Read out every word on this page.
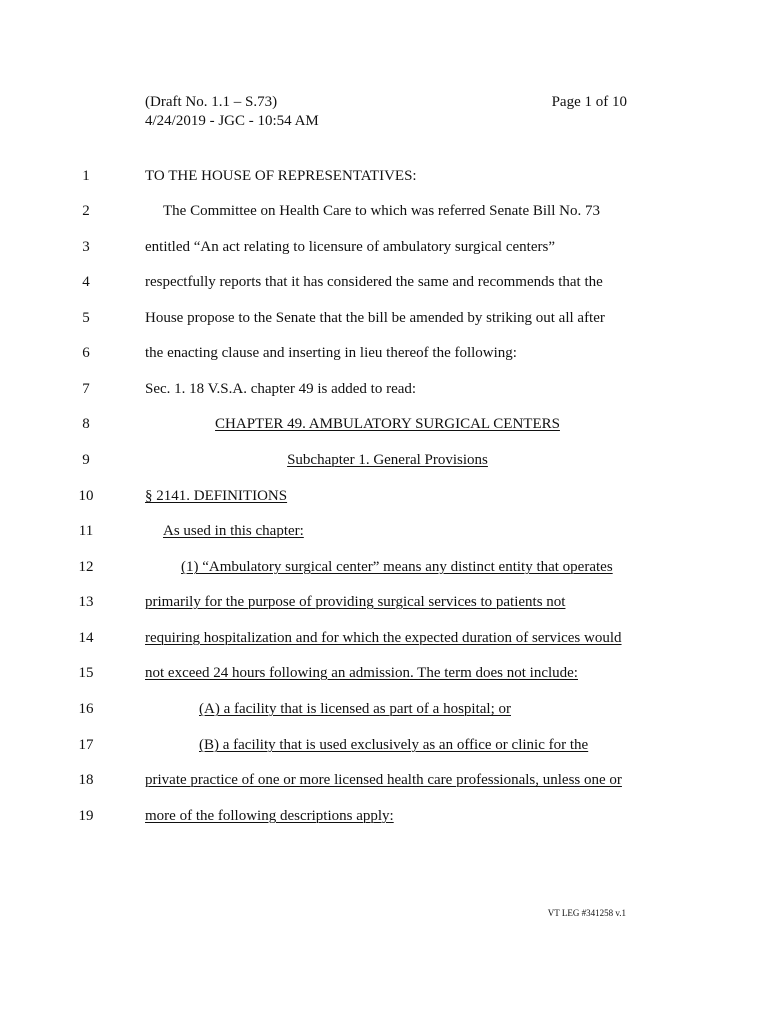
(Draft No. 1.1 – S.73)	Page 1 of 10
4/24/2019 - JGC - 10:54 AM
1	TO THE HOUSE OF REPRESENTATIVES:
2	The Committee on Health Care to which was referred Senate Bill No. 73
3	entitled “An act relating to licensure of ambulatory surgical centers”
4	respectfully reports that it has considered the same and recommends that the
5	House propose to the Senate that the bill be amended by striking out all after
6	the enacting clause and inserting in lieu thereof the following:
7	Sec. 1. 18 V.S.A. chapter 49 is added to read:
8	CHAPTER 49. AMBULATORY SURGICAL CENTERS
9	Subchapter 1. General Provisions
10	§ 2141. DEFINITIONS
11	As used in this chapter:
12	(1) “Ambulatory surgical center” means any distinct entity that operates
13	primarily for the purpose of providing surgical services to patients not
14	requiring hospitalization and for which the expected duration of services would
15	not exceed 24 hours following an admission. The term does not include:
16	(A) a facility that is licensed as part of a hospital; or
17	(B) a facility that is used exclusively as an office or clinic for the
18	private practice of one or more licensed health care professionals, unless one or
19	more of the following descriptions apply:
VT LEG #341258 v.1
